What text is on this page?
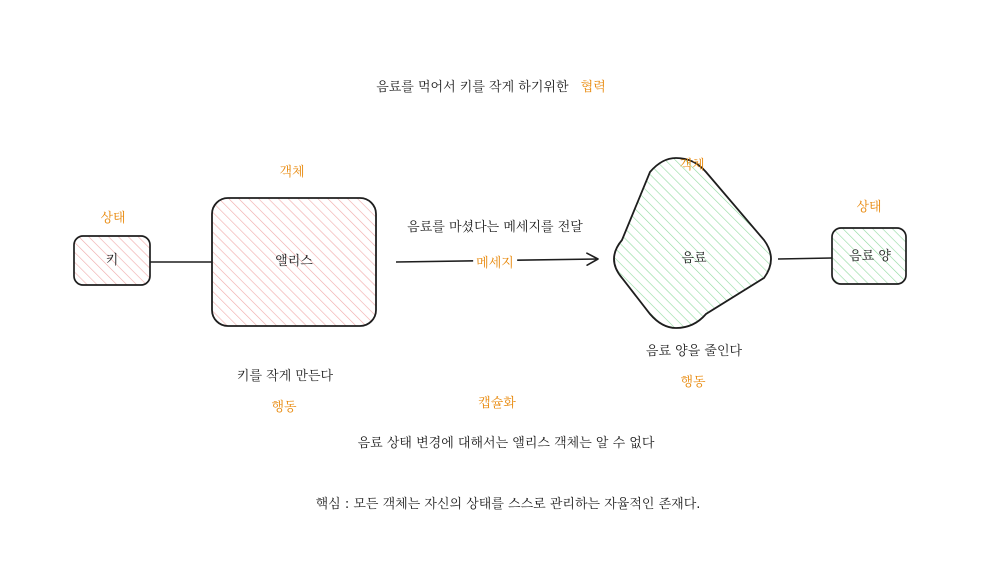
음료를 먹어서 키를 작게 하기위한 협력
객체
앨리스
키를 작게 만든다
행동
상태
키
음료를 마셨다는 메세지를 전달
메세지
객체
음료
음료 양을 줄인다
행동
상태
음료 양
캡슐화
음료 상태 변경에 대해서는 앨리스 객체는 알 수 없다
핵심 : 모든 객체는 자신의 상태를 스스로 관리하는 자율적인 존재다.
